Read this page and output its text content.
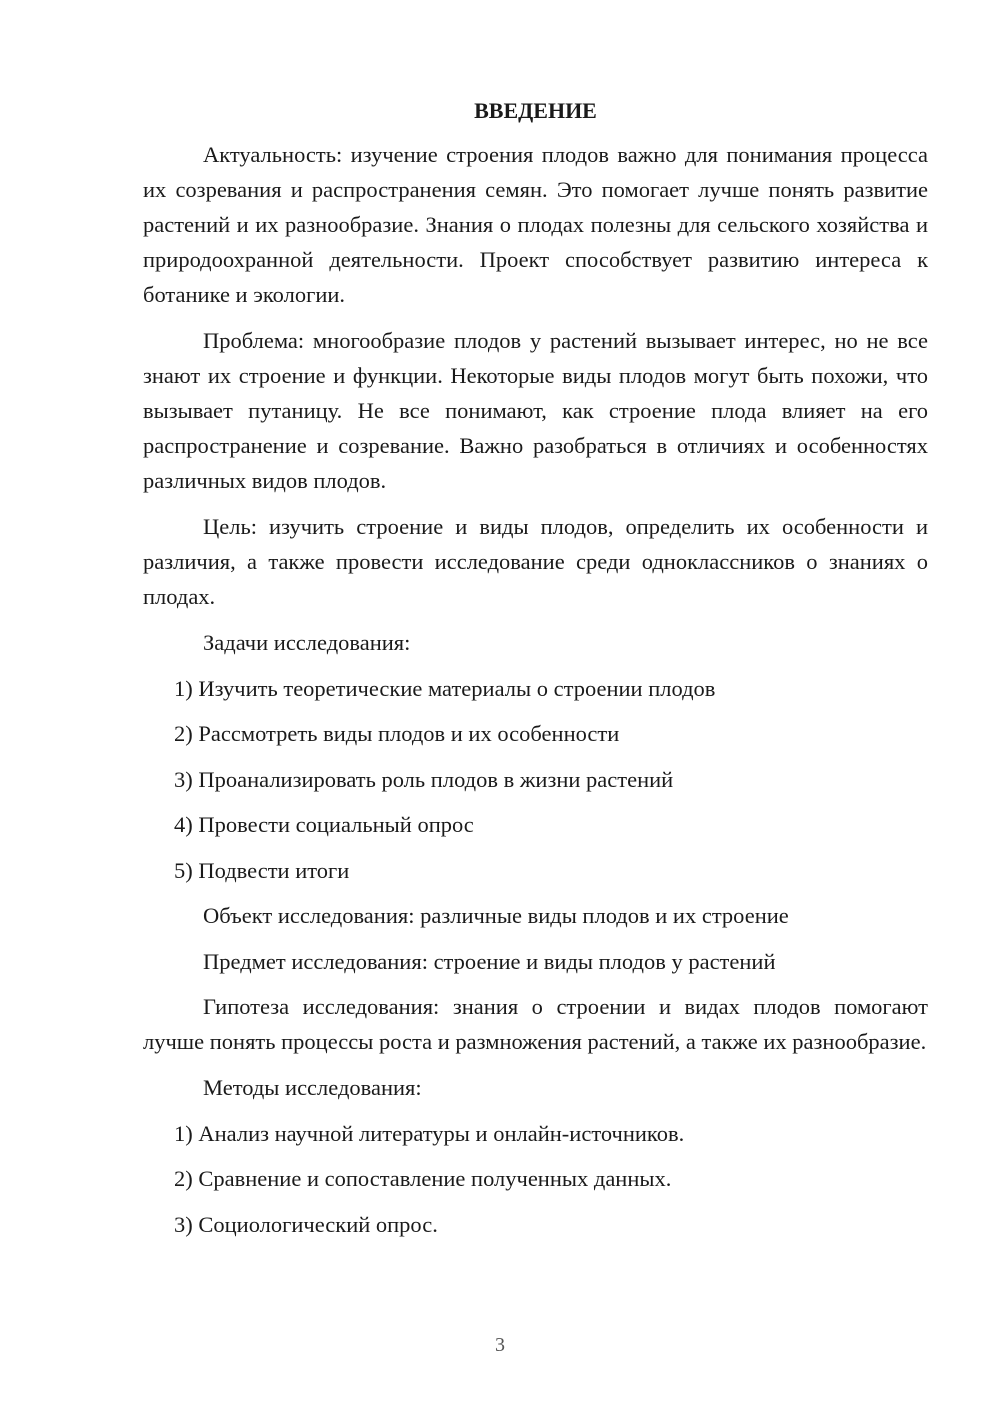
ВВЕДЕНИЕ

Актуальность: изучение строения плодов важно для понимания процесса их созревания и распространения семян. Это помогает лучше понять развитие растений и их разнообразие. Знания о плодах полезны для сельского хозяйства и природоохранной деятельности. Проект способствует развитию интереса к ботанике и экологии.

Проблема: многообразие плодов у растений вызывает интерес, но не все знают их строение и функции. Некоторые виды плодов могут быть похожи, что вызывает путаницу. Не все понимают, как строение плода влияет на его распространение и созревание. Важно разобраться в отличиях и особенностях различных видов плодов.

Цель: изучить строение и виды плодов, определить их особенности и различия, а также провести исследование среди одноклассников о знаниях о плодах.

Задачи исследования:

1) Изучить теоретические материалы о строении плодов
2) Рассмотреть виды плодов и их особенности
3) Проанализировать роль плодов в жизни растений
4) Провести социальный опрос
5) Подвести итоги

Объект исследования: различные виды плодов и их строение

Предмет исследования: строение и виды плодов у растений

Гипотеза исследования: знания о строении и видах плодов помогают лучше понять процессы роста и размножения растений, а также их разнообразие.

Методы исследования:

1) Анализ научной литературы и онлайн-источников.
2) Сравнение и сопоставление полученных данных.
3) Социологический опрос.
3
